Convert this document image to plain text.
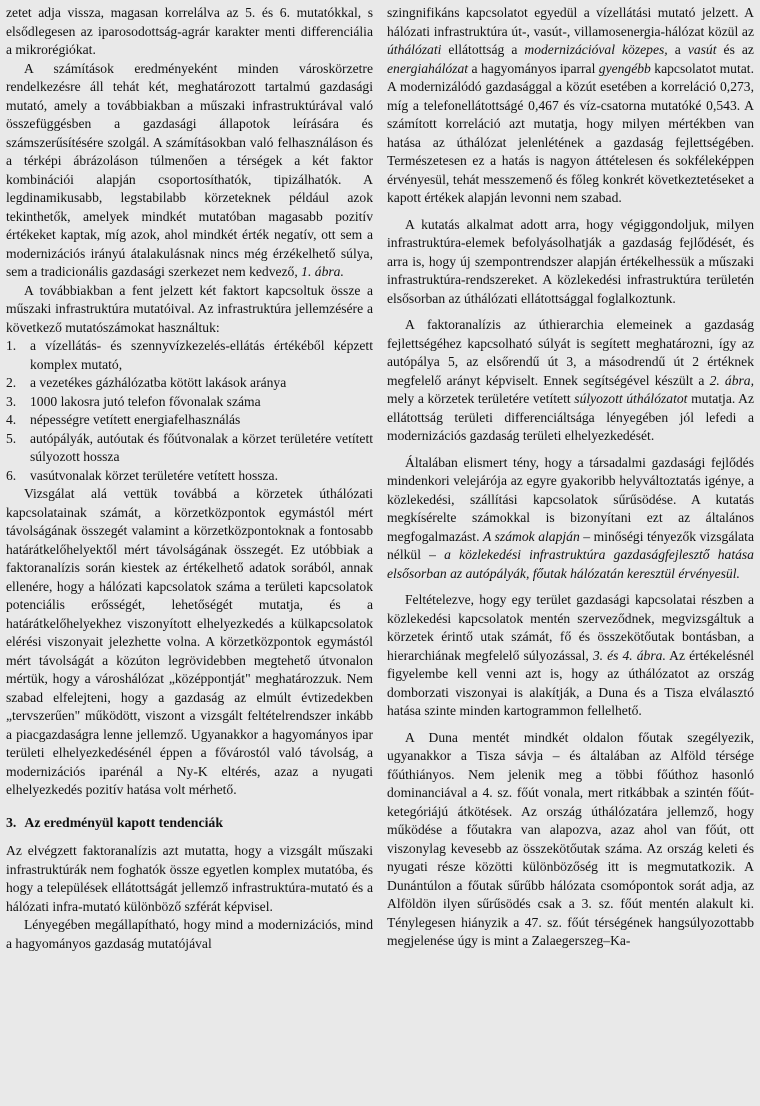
zetet adja vissza, magasan korrelálva az 5. és 6. mutatókkal, s elsődlegesen az iparosodottság-agrár karakter menti differenciália a mikrorégiókat.

A számítások eredményeként minden városkörzetre rendelkezésre áll tehát két, meghatározott tartalmú gazdasági mutató, amely a továbbiakban a műszaki infrastruktúrával való összefüggésben a gazdasági állapotok leírására és számszerűsítésére szolgál. A számításokban való felhasználáson és a térképi ábrázoláson túlmenően a térségek a két faktor kombinációi alapján csoportosíthatók, tipizálhatók. A legdinamikusabb, legstabilabb körzeteknek például azok tekinthetők, amelyek mindkét mutatóban magasabb pozitív értékeket kaptak, míg azok, ahol mindkét érték negatív, ott sem a modernizációs irányú átalakulásnak nincs még érzékelhető súlya, sem a tradicionális gazdasági szerkezet nem kedvező, 1. ábra.

A továbbiakban a fent jelzett két faktort kapcsoltuk össze a műszaki infrastruktúra mutatóival. Az infrastruktúra jellemzésére a következő mutatószámokat használtuk:

1. a vízellátás- és szennyvízkezelés-ellátás értékéből képzett komplex mutató,
2. a vezetékes gázhálózatba kötött lakások aránya
3. 1000 lakosra jutó telefon fővonalak száma
4. népességre vetített energiafelhasználás
5. autópályák, autóutak és főútvonalak a körzet területére vetített súlyozott hossza
6. vasútvonalak körzet területére vetített hossza.

Vizsgálat alá vettük továbbá a körzetek úthálózati kapcsolatainak számát, a körzetközpontok egymástól mért távolságának összegét valamint a körzetközpontoknak a fontosabb határátkelőhelyektől mért távolságának összegét. Ez utóbbiak a faktoranalízis során kiestek az értékelhető adatok sorából, annak ellenére, hogy a hálózati kapcsolatok száma a területi kapcsolatok potenciális erősségét, lehetőségét mutatja, és a határátkelőhelyekhez viszonyított elhelyezkedés a külkapcsolatok elérési viszonyait jelezhette volna. A körzetközpontok egymástól mért távolságát a közúton legrövidebben megtehető útvonalon mértük, hogy a városhálózat „középpontját" meghatározzuk. Nem szabad elfelejteni, hogy a gazdaság az elmúlt évtizedekben „tervszerűen" működött, viszont a vizsgált feltételrendszer inkább a piacgazdaságra lenne jellemző. Ugyanakkor a hagyományos ipar területi elhelyezkedésénél éppen a fővárostól való távolság, a modernizációs iparénál a Ny-K eltérés, azaz a nyugati elhelyezkedés pozitív hatása volt mérhető.

3. Az eredményül kapott tendenciák

Az elvégzett faktoranalízis azt mutatta, hogy a vizsgált műszaki infrastruktúrák nem foghatók össze egyetlen komplex mutatóba, és hogy a települések ellátottságát jellemző infrastruktúra-mutató és a hálózati infra-mutató különböző szférát képvisel.

Lényegében megállapítható, hogy mind a modernizációs, mind a hagyományos gazdaság mutatójával

szingnifikáns kapcsolatot egyedül a vízellátási mutató jelzett. A hálózati infrastruktúra út-, vasút-, villamosenergia-hálózat közül az úthálózati ellátottság a modernizációval közepes, a vasút és az energiahálózat a hagyományos iparral gyengébb kapcsolatot mutat. A modernizálódó gazdasággal a közút esetében a korreláció 0,273, míg a telefonellátottságé 0,467 és víz-csatorna mutatóké 0,543. A számított korreláció azt mutatja, hogy milyen mértékben van hatása az úthálózat jelenlétének a gazdaság fejlettségében. Természetesen ez a hatás is nagyon áttételesen és sokféleképpen érvényesül, tehát messzemenő és főleg konkrét következtetéseket a kapott értékek alapján levonni nem szabad.

A kutatás alkalmat adott arra, hogy végiggondoljuk, milyen infrastruktúra-elemek befolyásolhatják a gazdaság fejlődését, és arra is, hogy új szempontrendszer alapján értékelhessük a műszaki infrastruktúra-rendszereket. A közlekedési infrastruktúra területén elsősorban az úthálózati ellátottsággal foglalkoztunk.

A faktoranalízis az úthierarchia elemeinek a gazdaság fejlettségéhez kapcsolható súlyát is segített meghatározni, így az autópálya 5, az elsőrendű út 3, a másodrendű út 2 értéknek megfelelő arányt képviselt. Ennek segítségével készült a 2. ábra, mely a körzetek területére vetített súlyozott úthálózatot mutatja. Az ellátottság területi differenciáltsága lényegében jól lefedi a modernizációs gazdaság területi elhelyezkedését.

Általában elismert tény, hogy a társadalmi gazdasági fejlődés mindenkori velejárója az egyre gyakoribb helyváltoztatás igénye, a közlekedési, szállítási kapcsolatok sűrűsödése. A kutatás megkísérelte számokkal is bizonyítani ezt az általános megfogalmazást. A számok alapján – minőségi tényezők vizsgálata nélkül – a közlekedési infrastruktúra gazdaságfejlesztő hatása elsősorban az autópályák, főutak hálózatán keresztül érvényesül.

Feltételezve, hogy egy terület gazdasági kapcsolatai részben a közlekedési kapcsolatok mentén szerveződnek, megvizsgáltuk a körzetek érintő utak számát, fő és összekötőutak bontásban, a hierarchiának megfelelő súlyozással, 3. és 4. ábra. Az értékelésnél figyelembe kell venni azt is, hogy az úthálózatot az ország domborzati viszonyai is alakítják, a Duna és a Tisza elválasztó hatása szinte minden kartogrammon fellelhető.

A Duna mentét mindkét oldalon főutak szegélyezik, ugyanakkor a Tisza sávja – és általában az Alföld térsége főúthiányos. Nem jelenik meg a többi főúthoz hasonló dominanciával a 4. sz. főút vonala, mert ritkábbak a szintén főút-ketegóriájú átkötések. Az ország úthálózatára jellemző, hogy működése a főutakra van alapozva, azaz ahol van főút, ott viszonylag kevesebb az összekötőutak száma. Az ország keleti és nyugati része közötti különbözőség itt is megmutatkozik. A Dunántúlon a főutak sűrűbb hálózata csomópontok sorát adja, az Alföldön ilyen sűrűsödés csak a 3. sz. főút mentén alakult ki. Ténylegesen hiányzik a 47. sz. főút térségének hangsúlyozottabb megjelenése úgy is mint a Zalaegerszeg–Ka-
